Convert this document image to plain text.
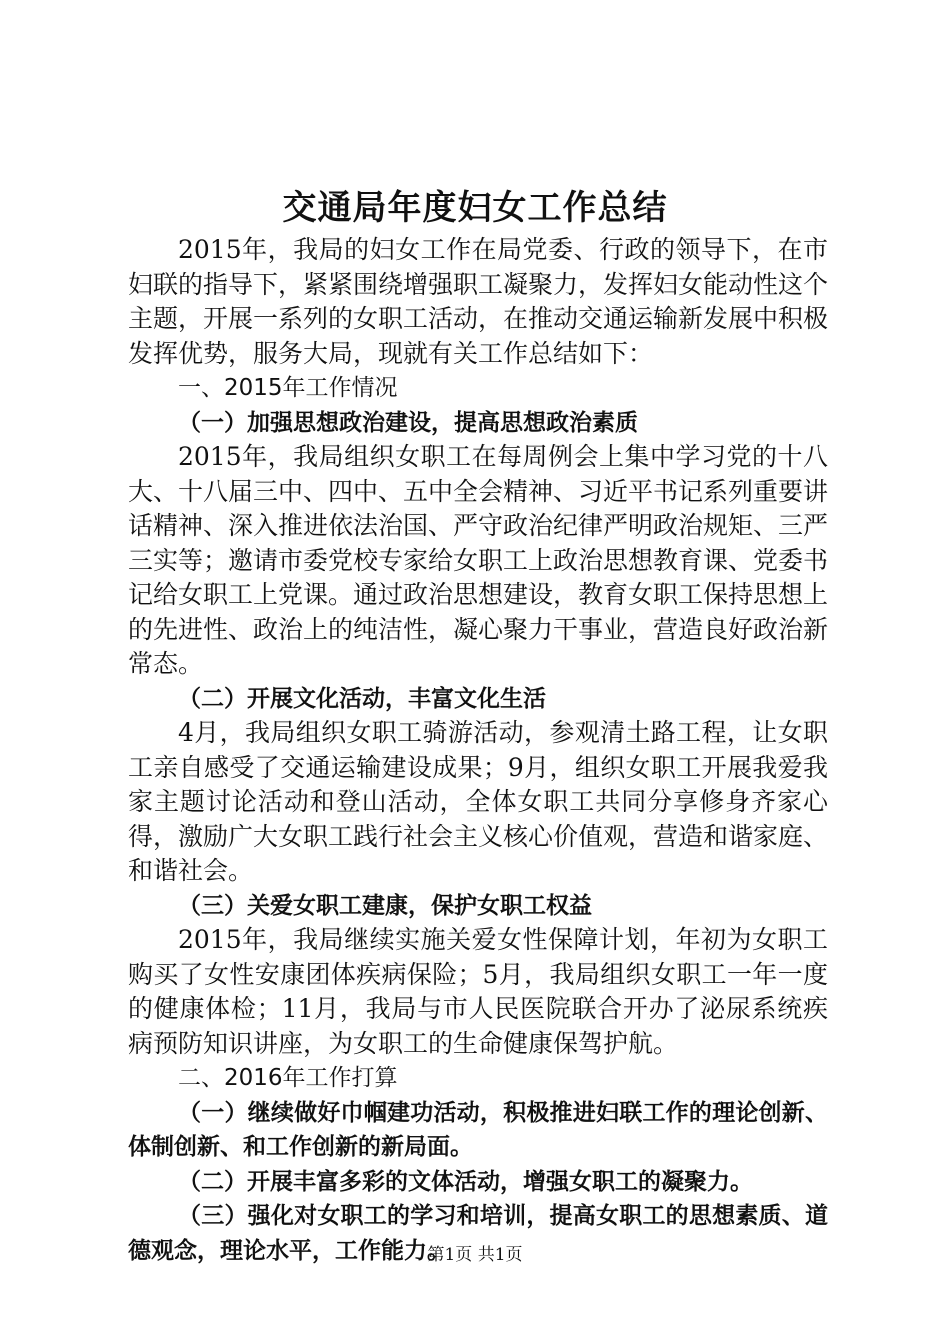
交通局年度妇女工作总结

2015年，我局的妇女工作在局党委、行政的领导下，在市妇联的指导下，紧紧围绕增强职工凝聚力，发挥妇女能动性这个主题，开展一系列的女职工活动，在推动交通运输新发展中积极发挥优势，服务大局，现就有关工作总结如下：

一、2015年工作情况

（一）加强思想政治建设，提高思想政治素质

2015年，我局组织女职工在每周例会上集中学习党的十八大、十八届三中、四中、五中全会精神、习近平书记系列重要讲话精神、深入推进依法治国、严守政治纪律严明政治规矩、三严三实等；邀请市委党校专家给女职工上政治思想教育课、党委书记给女职工上党课。通过政治思想建设，教育女职工保持思想上的先进性、政治上的纯洁性，凝心聚力干事业，营造良好政治新常态。

（二）开展文化活动，丰富文化生活

4月，我局组织女职工骑游活动，参观清土路工程，让女职工亲自感受了交通运输建设成果；9月，组织女职工开展我爱我家主题讨论活动和登山活动，全体女职工共同分享修身齐家心得，激励广大女职工践行社会主义核心价值观，营造和谐家庭、和谐社会。

（三）关爱女职工建康，保护女职工权益

2015年，我局继续实施关爱女性保障计划，年初为女职工购买了女性安康团体疾病保险；5月，我局组织女职工一年一度的健康体检；11月，我局与市人民医院联合开办了泌尿系统疾病预防知识讲座，为女职工的生命健康保驾护航。

二、2016年工作打算

（一）继续做好巾帼建功活动，积极推进妇联工作的理论创新、体制创新、和工作创新的新局面。

（二）开展丰富多彩的文体活动，增强女职工的凝聚力。

（三）强化对女职工的学习和培训，提高女职工的思想素质、道德观念，理论水平，工作能力。

第1页 共1页
